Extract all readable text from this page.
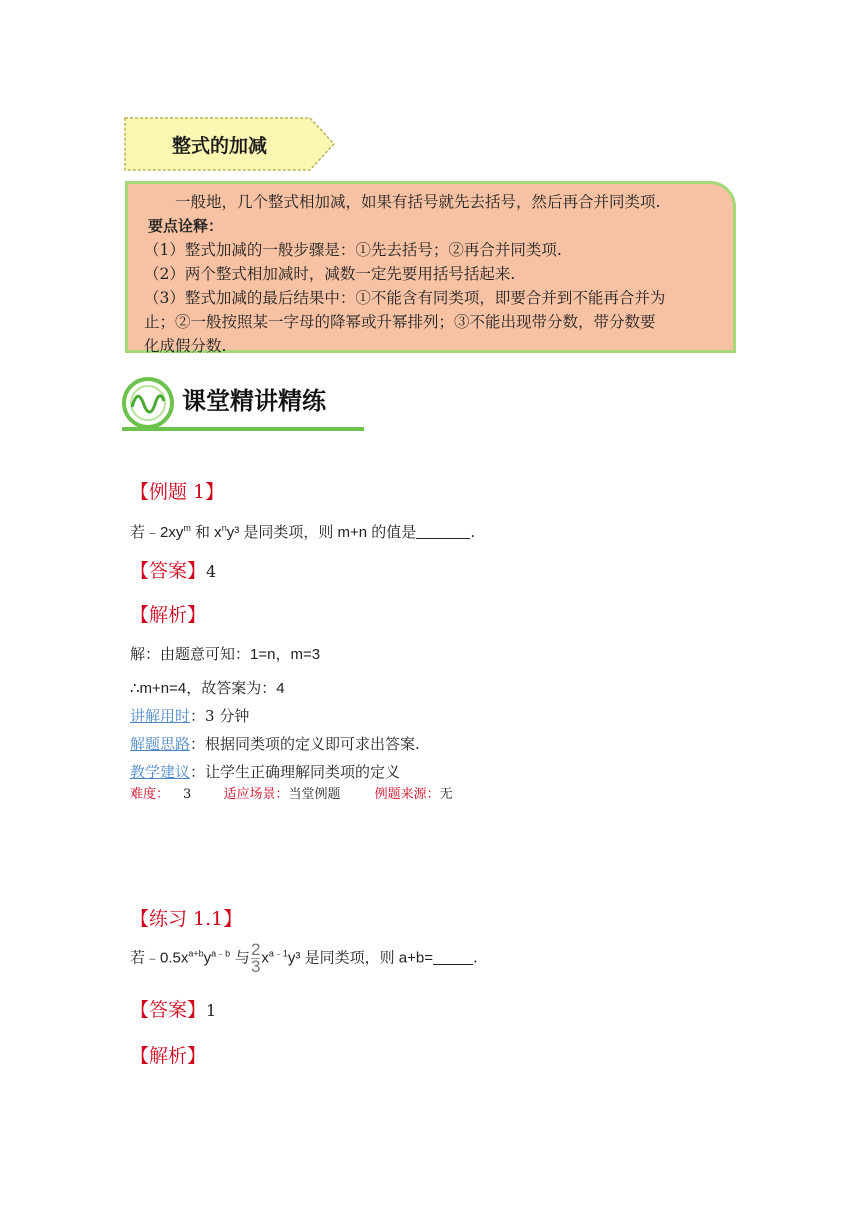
整式的加减

一般地，几个整式相加减，如果有括号就先去括号，然后再合并同类项.

要点诠释：

（1）整式加减的一般步骤是：①先去括号；②再合并同类项.

（2）两个整式相加减时，减数一定先要用括号括起来.

（3）整式加减的最后结果中：①不能含有同类项，即要合并到不能再合并为

止；②一般按照某一字母的降幂或升幂排列；③不能出现带分数，带分数要

化成假分数.

课堂精讲精练
【例题 1】
若$﹣2xy^m$ 和 $x^ny^3$ 是同类项，则 m+n 的值是	.
【答案】4
【解析】
解：由题意可知：1=n，m=3
∴m+n=4，故答案为：4
讲解用时：3 分钟
解题思路：根据同类项的定义即可求出答案.
教学建议：让学生正确理解同类项的定义
难度： 3 适应场景：当堂例题	例题来源：无
【练习 1.1】
若$﹣0.5x^{a+b}y^{a﹣b}$ 与 $\frac{2}{3} x^{a﹣1}y^3$ 是同类项，则 a+b=	.
【答案】1
【解析】
